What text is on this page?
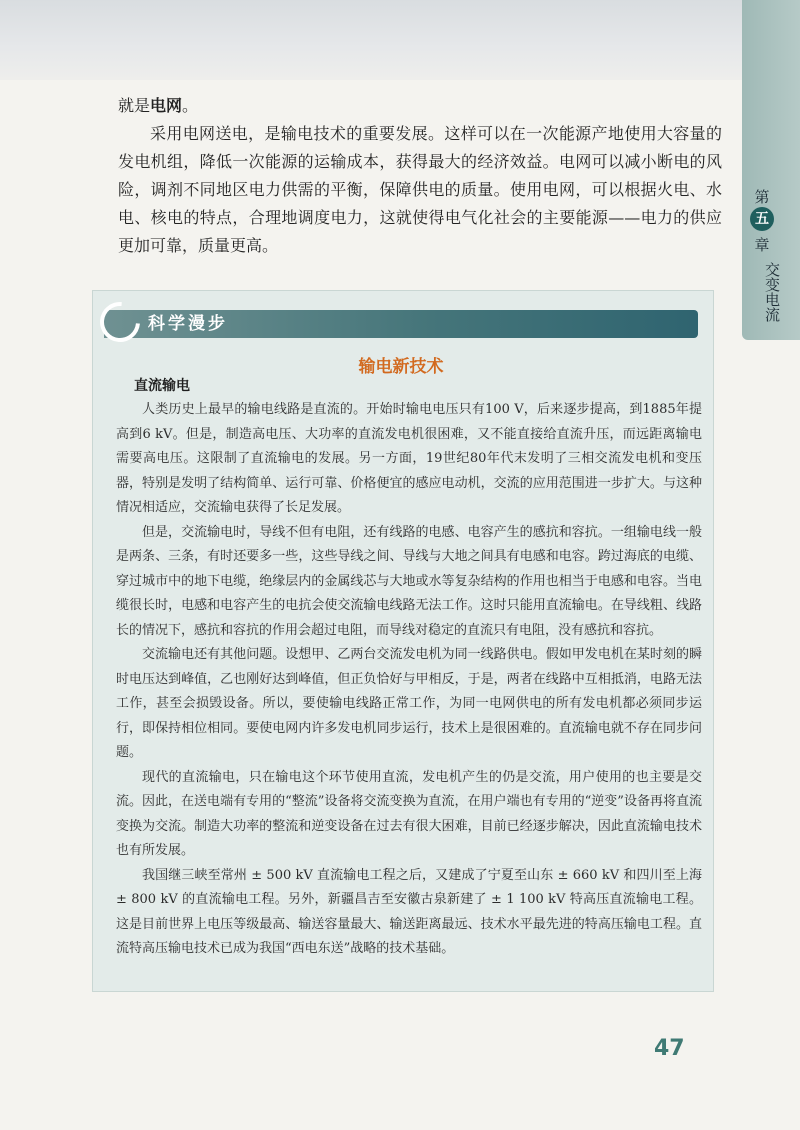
第
五
章
交变电流

就是电网。

采用电网送电，是输电技术的重要发展。这样可以在一次能源产地使用大容量的发电机组，降低一次能源的运输成本，获得最大的经济效益。电网可以减小断电的风险，调剂不同地区电力供需的平衡，保障供电的质量。使用电网，可以根据火电、水电、核电的特点，合理地调度电力，这就使得电气化社会的主要能源——电力的供应更加可靠，质量更高。

科学漫步
输电新技术
直流输电

人类历史上最早的输电线路是直流的。开始时输电电压只有100 V，后来逐步提高，到1885年提高到6 kV。但是，制造高电压、大功率的直流发电机很困难，又不能直接给直流升压，而远距离输电需要高电压。这限制了直流输电的发展。另一方面，19世纪80年代末发明了三相交流发电机和变压器，特别是发明了结构简单、运行可靠、价格便宜的感应电动机，交流的应用范围进一步扩大。与这种情况相适应，交流输电获得了长足发展。

但是，交流输电时，导线不但有电阻，还有线路的电感、电容产生的感抗和容抗。一组输电线一般是两条、三条，有时还要多一些，这些导线之间、导线与大地之间具有电感和电容。跨过海底的电缆、穿过城市中的地下电缆，绝缘层内的金属线芯与大地或水等复杂结构的作用也相当于电感和电容。当电缆很长时，电感和电容产生的电抗会使交流输电线路无法工作。这时只能用直流输电。在导线粗、线路长的情况下，感抗和容抗的作用会超过电阻，而导线对稳定的直流只有电阻，没有感抗和容抗。

交流输电还有其他问题。设想甲、乙两台交流发电机为同一线路供电。假如甲发电机在某时刻的瞬时电压达到峰值，乙也刚好达到峰值，但正负恰好与甲相反，于是，两者在线路中互相抵消，电路无法工作，甚至会损毁设备。所以，要使输电线路正常工作，为同一电网供电的所有发电机都必须同步运行，即保持相位相同。要使电网内许多发电机同步运行，技术上是很困难的。直流输电就不存在同步问题。

现代的直流输电，只在输电这个环节使用直流，发电机产生的仍是交流，用户使用的也主要是交流。因此，在送电端有专用的“整流”设备将交流变换为直流，在用户端也有专用的“逆变”设备再将直流变换为交流。制造大功率的整流和逆变设备在过去有很大困难，目前已经逐步解决，因此直流输电技术也有所发展。

我国继三峡至常州 ± 500 kV 直流输电工程之后，又建成了宁夏至山东 ± 660 kV 和四川至上海 ± 800 kV 的直流输电工程。另外，新疆昌吉至安徽古泉新建了 ± 1 100 kV 特高压直流输电工程。这是目前世界上电压等级最高、输送容量最大、输送距离最远、技术水平最先进的特高压输电工程。直流特高压输电技术已成为我国“西电东送”战略的技术基础。

47
